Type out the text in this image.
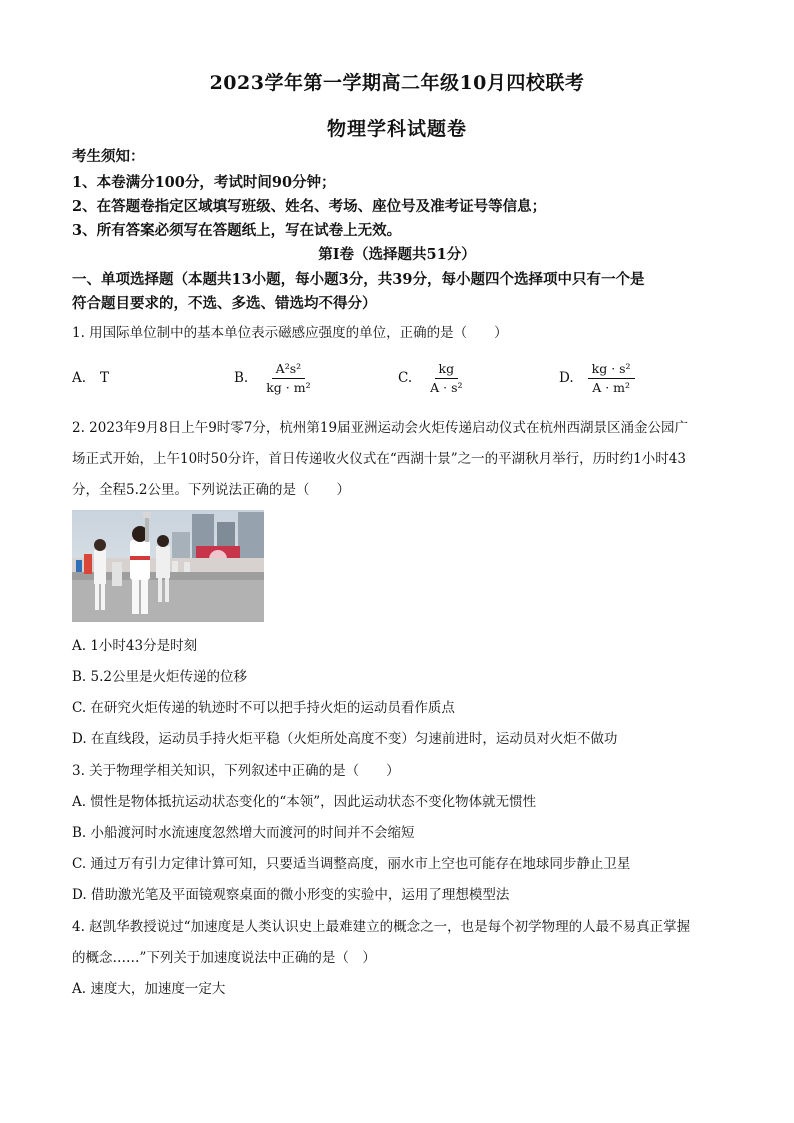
2023学年第一学期高二年级10月四校联考
物理学科试题卷
考生须知：
1、本卷满分100分，考试时间90分钟；
2、在答题卷指定区域填写班级、姓名、考场、座位号及准考证号等信息；
3、所有答案必须写在答题纸上，写在试卷上无效。
第Ⅰ卷（选择题共51分）
一、单项选择题（本题共13小题，每小题3分，共39分，每小题四个选择项中只有一个是
符合题目要求的，不选、多选、错选均不得分）
1. 用国际单位制中的基本单位表示磁感应强度的单位，正确的是（　　）
A. T	B. $\frac{\text{A²s²}}{\text{kg · m²}}$	C. $\frac{kg}{\text{A · s²}}$	D. $\frac{\text{kg · s²}}{\text{A · m²}}$
2. 2023年9月8日上午9时零7分，杭州第19届亚洲运动会火炬传递启动仪式在杭州西湖景区涌金公园广
场正式开始，上午10时50分许，首日传递收火仪式在“西湖十景”之一的平湖秋月举行，历时约1小时43
分，全程5.2公里。下列说法正确的是（　　）
A. 1小时43分是时刻
B. 5.2公里是火炬传递的位移
C. 在研究火炬传递的轨迹时不可以把手持火炬的运动员看作质点
D. 在直线段，运动员手持火炬平稳（火炬所处高度不变）匀速前进时，运动员对火炬不做功
3. 关于物理学相关知识，下列叙述中正确的是（　　）
A. 惯性是物体抵抗运动状态变化的“本领”，因此运动状态不变化物体就无惯性
B. 小船渡河时水流速度忽然增大而渡河的时间并不会缩短
C. 通过万有引力定律计算可知，只要适当调整高度，丽水市上空也可能存在地球同步静止卫星
D. 借助激光笔及平面镜观察桌面的微小形变的实验中，运用了理想模型法
4. 赵凯华教授说过“加速度是人类认识史上最难建立的概念之一，也是每个初学物理的人最不易真正掌握
的概念……”下列关于加速度说法中正确的是（　）
A. 速度大，加速度一定大
